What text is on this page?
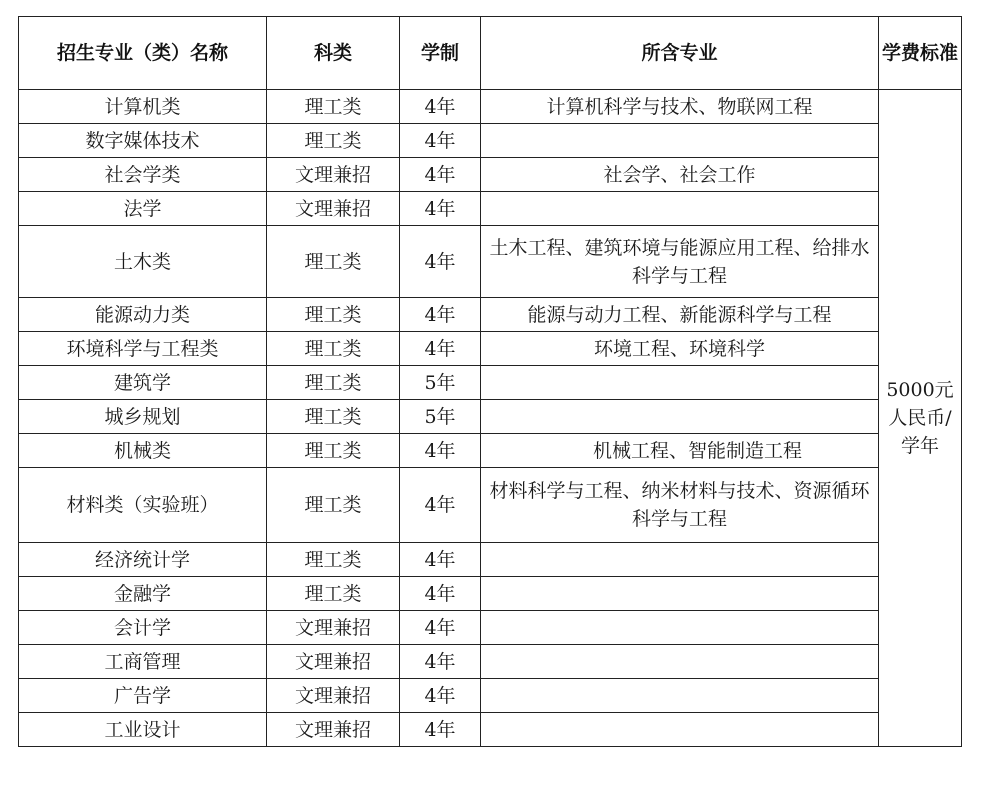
招生专业（类）名称	科类	学制	所含专业	学费标准
计算机类	理工类	4年	计算机科学与技术、物联网工程	5000元人民币/学年
数字媒体技术	理工类	4年		
社会学类	文理兼招	4年	社会学、社会工作	
法学	文理兼招	4年		
土木类	理工类	4年	土木工程、建筑环境与能源应用工程、给排水科学与工程	
能源动力类	理工类	4年	能源与动力工程、新能源科学与工程	
环境科学与工程类	理工类	4年	环境工程、环境科学	
建筑学	理工类	5年		
城乡规划	理工类	5年		
机械类	理工类	4年	机械工程、智能制造工程	
材料类（实验班）	理工类	4年	材料科学与工程、纳米材料与技术、资源循环科学与工程	
经济统计学	理工类	4年		
金融学	理工类	4年		
会计学	文理兼招	4年		
工商管理	文理兼招	4年		
广告学	文理兼招	4年		
工业设计	文理兼招	4年		
